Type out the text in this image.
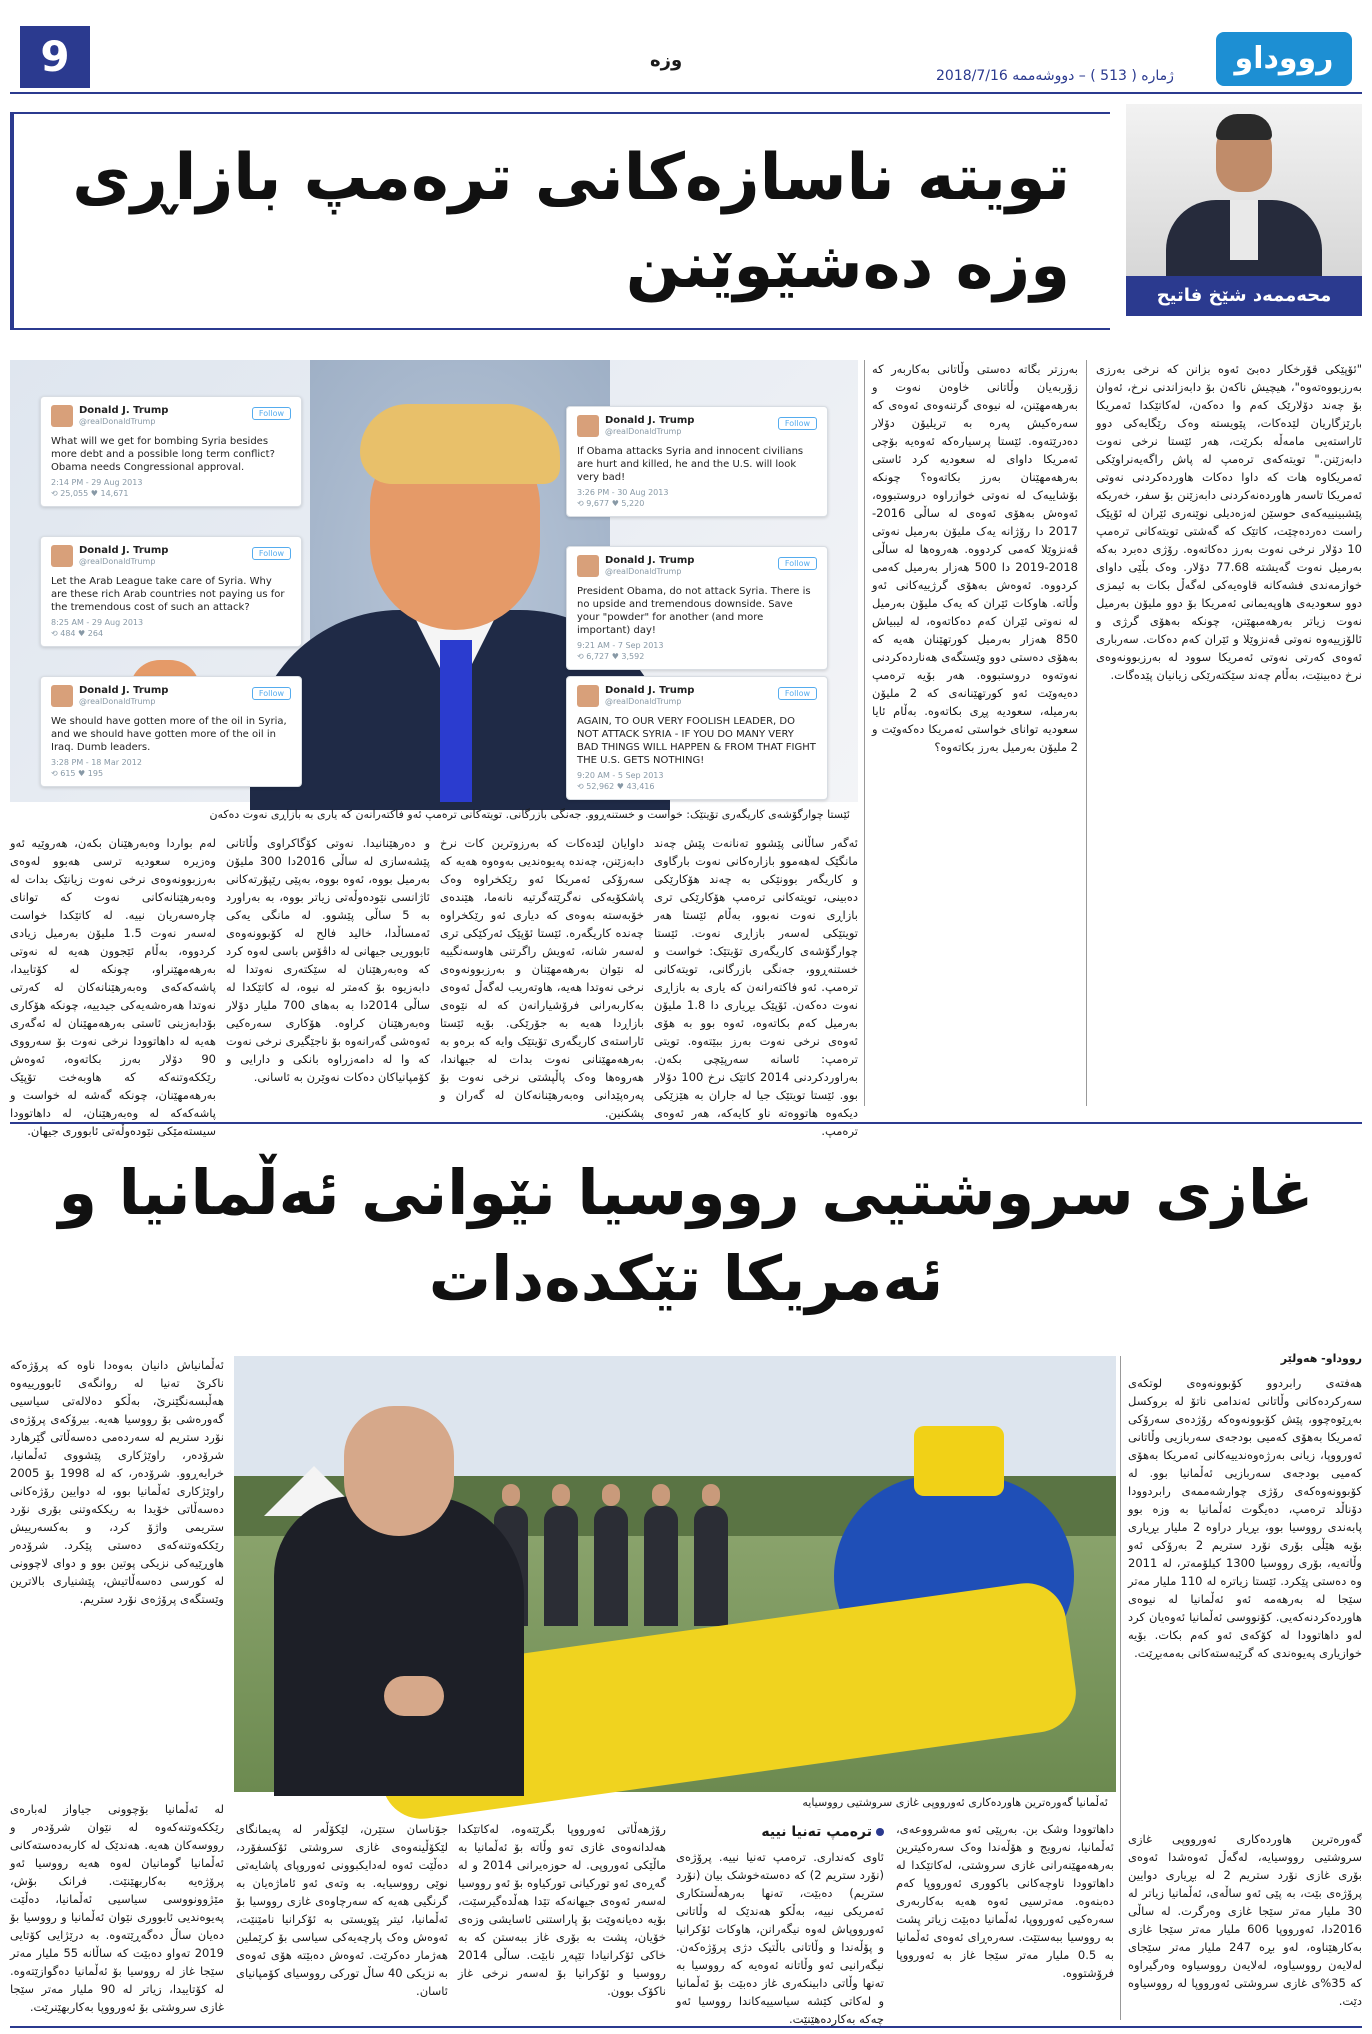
9	وزە
ژمارە ( 513 ) – دووشەممە 2018/7/16	رووداو
تویتە ناسازەکانی ترەمپ بازاڕی
وزە دەشێوێنن	محەممەد شێخ فاتیح
Donald J. Trump
@realDonaldTrump
Follow
What will we get for bombing Syria besides more debt and a possible long term conflict? Obama needs Congressional approval.
2:14 PM - 29 Aug 2013
⟲ 25,055 ♥ 14,671
Donald J. Trump
@realDonaldTrump
Follow
If Obama attacks Syria and innocent civilians are hurt and killed, he and the U.S. will look very bad!
3:26 PM - 30 Aug 2013
⟲ 9,677 ♥ 5,220
Donald J. Trump
@realDonaldTrump
Follow
Let the Arab League take care of Syria. Why are these rich Arab countries not paying us for the tremendous cost of such an attack?
8:25 AM - 29 Aug 2013
⟲ 484 ♥ 264
Donald J. Trump
@realDonaldTrump
Follow
President Obama, do not attack Syria. There is no upside and tremendous downside. Save your "powder" for another (and more important) day!
9:21 AM - 7 Sep 2013
⟲ 6,727 ♥ 3,592
Donald J. Trump
@realDonaldTrump
Follow
We should have gotten more of the oil in Syria, and we should have gotten more of the oil in Iraq. Dumb leaders.
3:28 PM - 18 Mar 2012
⟲ 615 ♥ 195
Donald J. Trump
@realDonaldTrump
Follow
AGAIN, TO OUR VERY FOOLISH LEADER, DO NOT ATTACK SYRIA - IF YOU DO MANY VERY BAD THINGS WILL HAPPEN & FROM THAT FIGHT THE U.S. GETS NOTHING!
9:20 AM - 5 Sep 2013
⟲ 52,962 ♥ 43,416
ئێستا چوارگۆشەی کاریگەری تۆیتێک: خواست و خستنەڕوو. جەنگی بازرگانی. تویتەکانی ترەمپ ئەو فاکتەرانەن کە یاری بە بازاڕی نەوت دەکەن
"ئۆپێکی قۆرخکار دەبێ ئەوە بزانن کە نرخی بەرزی بەرزبووەتەوە"، هیچیش ناکەن بۆ دابەزاندنی نرخ، ئەوان بۆ چەند دۆلارێک کەم وا دەکەن، لەکاتێکدا ئەمریکا بارێزگاریان لێدەکات، پێویستە وەک رێگایەکی دوو ئاراستەیی مامەڵە بکرێت، هەر ئێستا نرخی نەوت دابەزێنن." تویتەکەی ترەمپ لە پاش راگەیەنراوێکی ئەمریکاوە هات کە داوا دەکات هاوردەکردنی نەوتی ئەمریکا تاسەر هاوردەنەکردنی دابەزێنن بۆ سفر، خەریکە پێشبینییەکەی حوسێن لەزەدیلی نوێنەری ئێران لە ئۆپێک راست دەردەچێت، کاتێک کە گەشتی تویتەکانی ترەمپ 10 دۆلار نرخی نەوت بەرز دەکاتەوە. رۆژی دەبرد بەکە بەرمیل نەوت گەیشتە 77.68 دۆلار. وەک بڵێی داوای خوازمەندی فشەکانە قاوەیەکی لەگەڵ بکات بە ئیمزی دوو سعودیەی هاوپەیمانی ئەمریکا بۆ دوو ملیۆن بەرمیل نەوت زیاتر بەرهەمبهێنن، چونکە بەهۆی گرژی و ئالۆزییەوە نەوتی ڤەنزوێلا و ئێران کەم دەکات. سەرباری ئەوەی کەرتی نەوتی ئەمریکا سوود لە بەرزبوونەوەی نرخ دەبینێت، بەڵام چەند سێکتەرێکی زیانیان پێدەگات.
بەرزتر بگاتە دەستی وڵاتانی بەکاربەر کە زۆربەیان وڵاتانی خاوەن نەوت و بەرهەمهێنن، لە نیوەی گرتنەوەی ئەوەی کە سەرەکیش پەرە بە تریلیۆن دۆلار دەدرێتەوە. ئێستا پرسیارەکە ئەوەیە بۆچی ئەمریکا داوای لە سعودیە کرد ئاستی بەرهەمهێنان بەرز بکاتەوە؟ چونکە بۆشاییەک لە نەوتی خوازراوە دروستبووە، ئەوەش بەهۆی ئەوەی لە ساڵی 2016-2017 دا رۆژانە یەک ملیۆن بەرمیل نەوتی ڤەنزوێلا کەمی کردووە. هەروەها لە ساڵی 2018-2019 دا 500 هەزار بەرمیل کەمی کردووە. ئەوەش بەهۆی گرژییەکانی ئەو وڵاتە. هاوکات ئێران کە یەک ملیۆن بەرمیل لە نەوتی ئێران کەم دەکاتەوە، لە لیبیاش 850 هەزار بەرمیل کورتهێنان هەیە کە بەهۆی دەستی دوو وێستگەی هەناردەکردنی نەوتەوە دروستبووە. هەر بۆیە ترەمپ دەیەوێت ئەو کورتهێنانەی کە 2 ملیۆن بەرمیلە، سعودیە پڕی بکاتەوە. بەڵام ئایا سعودیە توانای خواستی ئەمریکا دەکەوێت و 2 ملیۆن بەرمیل بەرز بکاتەوە؟
ئەگەر ساڵانی پێشوو تەنانەت پێش چەند مانگێک لەهەموو بازارەکانی نەوت بارگاوی و کاریگەر بوونێکی بە چەند هۆکارێکی دەبینی، تویتەکانی ترەمپ هۆکارێکی تری بازاڕی نەوت نەبوو، بەڵام ئێستا هەر تویتێکی لەسەر بازاڕی نەوت. ئێستا چوارگۆشەی کاریگەری تۆیتێک: خواست و خستنەڕوو، جەنگی بازرگانی، تویتەکانی ترەمپ. ئەو فاکتەرانەن کە یاری بە بازاڕی نەوت دەکەن. ئۆپێک بڕیاری دا 1.8 ملیۆن بەرمیل کەم بکاتەوە، ئەوە بوو بە هۆی ئەوەی نرخی نەوت بەرز ببێتەوە. تویتی ترەمپ: ئاسانە سەرپێچی بکەن. بەراوردکردنی 2014 کاتێک نرخ 100 دۆلار بوو. ئێستا تویتێک جیا لە جاران بە هێزێکی دیکەوە هاتووەتە ناو کایەکە، هەر ئەوەی ترەمپ.
داوایان لێدەکات کە بەرزوترین کات نرخ دابەزێنن، چەندە پەیوەندیی بەوەوە هەیە کە سەرۆکی ئەمریکا ئەو رێکخراوە وەک پاشکۆیەکی نەگرێتەگرتیە نانەما، هێندەی خۆبەستە بەوەی کە دیاری ئەو رێکخراوە چەندە کاریگەرە. ئێستا ئۆپێک ئەرکێکی تری لەسەر شانە، ئەویش راگرتنی هاوسەنگییە لە نێوان بەرهەمهێنان و بەرزبوونەوەی نرخی نەوتدا هەیە، هاوتەریب لەگەڵ ئەوەی بەکاربەرانی فرۆشیارانەن کە لە نێوەی بازاڕدا هەیە بە جۆرێکی. بۆیە ئێستا ئاراستەی کاریگەری تۆیتێک وایە کە برەو بە بەرهەمهێنانی نەوت بدات لە جیهاندا، هەروەها وەک پاڵپشتی نرخی نەوت بۆ پەرەپێدانی وەبەرهێنانەکان لە گەران و پشکنین.
و دەرهێنانیدا. نەوتی کۆگاکراوی وڵاتانی پێشەسازی لە ساڵی 2016دا 300 ملیۆن بەرمیل بووە، ئەوە بووە، بەپێی رێپۆرتەکانی ئاژانسی نێودەوڵەتی زیاتر بووە، بە بەراورد بە 5 ساڵی پێشوو. لە مانگی یەکی ئەمساڵدا، خالید فالح لە کۆبوونەوەی ئابووریی جیهانی لە داڤۆس باسی لەوە کرد کە وەبەرهێنان لە سێکتەری نەوتدا لە دابەزیوە بۆ کەمتر لە نیوە، لە کاتێکدا لە ساڵی 2014دا بە بەهای 700 ملیار دۆلار وەبەرهێنان کراوە. هۆکاری سەرەکیی ئەوەشی گەرانەوە بۆ ناجێگیری نرخی نەوت کە وا لە دامەزراوە بانکی و دارایی و کۆمپانیاکان دەکات نەوێرن بە ئاسانی.
لەم بواردا وەبەرهێنان بکەن، هەروێیە ئەو وەزیرە سعودیە ترسی هەبوو لەوەی بەرزبوونەوەی نرخی نەوت زیانێک بدات لە وەبەرهێنانەکانی نەوت کە توانای چارەسەریان نییە. لە کاتێکدا خواست لەسەر نەوت 1.5 ملیۆن بەرمیل زیادی کردووە، بەڵام ئێجوون هەیە لە نەوتی بەرهەمهێنراو، چونکە لە کۆتاییدا، پاشەکەکەی وەبەرهێنانەکان لە کەرتی نەوتدا هەرەشەیەکی جیدییە، چونکە هۆکاری بۆدابەزینی ئاستی بەرهەمهێنان لە ئەگەری هەیە لە داهاتوودا نرخی نەوت بۆ سەرووی 90 دۆلار بەرز بکاتەوە، ئەوەش رێککەوتنەکە کە هاوبەخت تۆپێک بەرهەمهێنان، چونکە گەشە لە خواست و پاشەکەکە لە وەبەرهێنان، لە داهاتوودا سیستەمێکی نێودەوڵەتی ئابووری جیهان.
غازی سروشتیی رووسیا نێوانی ئەڵمانیا و
ئەمریکا تێکدەدات
رووداو- هەولێر
ئەڵمانیا گەورەترین هاوردەکاری ئەورووپی غازی سروشتیی رووسیایە
هەفتەی رابردوو کۆبوونەوەی لوتکەی سەرکردەکانی وڵاتانی ئەندامی ناتۆ لە بروکسل بەڕێوەچوو، پێش کۆبوونەوەکە رۆژدەی سەرۆکی ئەمریکا بەهۆی کەمیی بودجەی سەربازیی وڵاتانی ئەورووپا، زیانی بەرژەوەندییەکانی ئەمریکا بەهۆی کەمیی بودجەی سەربازیی ئەڵمانیا بوو. لە کۆبوونەوەکەی رۆژی چوارشەممەی رابردوودا دۆناڵد ترەمپ، دەیگوت ئەڵمانیا بە وزە بوو پابەندی رووسیا بوو، بڕیار دراوە 2 ملیار بڕیاری بۆیە هێڵی بۆری نۆرد ستریم 2 بەرۆکی ئەو وڵاتەیە، بۆری رووسیا 1300 کیلۆمەتر، لە 2011 وە دەستی پێکرد. ئێستا زیاترە لە 110 ملیار مەتر سێجا لە بەرهەمە ئەو ئەڵمانیا لە نیوەی هاوردەکردنەکەیی. کۆنووسی ئەڵمانیا ئەوەیان کرد لەو داهاتوودا لە کۆکەی ئەو کەم بکات. بۆیە خوازیاری پەیوەندی کە گرێبەستەکانی بەمەبڕێت.
گەورەترین هاوردەکاری ئەورووپی غازی سروشتیی رووسیایە، لەگەڵ ئەوەشدا ئەوەی بۆری غازی نۆرد ستریم 2 لە بڕیاری دوایین پرۆژەی بێت، بە پێی ئەو ساڵەی، ئەڵمانیا زیاتر لە 30 ملیار مەتر سێجا غازی وەرگرت. لە ساڵی 2016دا، ئەورووپا 606 ملیار مەتر سێجا غازی بەکارهێناوە، لەو بڕە 247 ملیار مەتر سێجای لەلایەن رووسیاوە، لەلایەن رووسیاوە وەرگیراوە کە 35%ی غازی سروشتی ئەورووپا لە رووسیاوە دێت.
ئەڵمانیاش دانیان بەوەدا ناوە کە پرۆژەکە ناکرێ تەنیا لە روانگەی ئابوورییەوە هەڵبسەنگێنرێ، بەڵکو دەلالەتی سیاسیی گەورەشی بۆ رووسیا هەیە. بیرۆکەی پرۆژەی نۆرد ستریم لە سەردەمی دەسەڵاتی گێرهارد شرۆدەر، راوێژکاری پێشووی ئەڵمانیا، خرایەڕوو. شرۆدەر، کە لە 1998 بۆ 2005 راوێژکاری ئەڵمانیا بوو، لە دوایین رۆژەکانی دەسەڵاتی خۆیدا بە ریککەوتنی بۆری نۆرد ستریمی واژۆ کرد، و بەکسەرییش رێککەوتنەکەی دەستی پێکرد. شرۆدەر هاوڕێیەکی نزیکی پوتین بوو و دوای لاچوونی لە کورسی دەسەڵاتیش، پێشنیاری بالاترین وێستگەی پرۆژەی نۆرد ستریم.
لە ئەڵمانیا بۆچوونی جیاواز لەبارەی رێککەوتنەکەوە لە نێوان شرۆدەر و رووسەکان هەیە. هەندێک لە کاربەدەستەکانی ئەڵمانیا گومانیان لەوە هەیە رووسیا ئەو پرۆژەیە بەکاربهێنێت. فرانک بۆش، مێژوونووسی سیاسیی ئەڵمانیا، دەڵێت پەیوەندیی ئابووری نێوان ئەڵمانیا و رووسیا بۆ دەیان ساڵ دەگەڕێتەوە. بە درێژایی کۆتایی 2019 تەواو دەبێت کە ساڵانە 55 ملیار مەتر سێجا غاز لە رووسیا بۆ ئەڵمانیا دەگوازێتەوە. لە کۆتاییدا، زیاتر لە 90 ملیار مەتر سێجا غازی سروشتی بۆ ئەورووپا بەکاربهێنرێت.
ترەمپ تەنیا نییە	داهاتوودا وشک بن. بەرپێی ئەو مەشرووعەی، ئەڵمانیا، نەرویج و هۆڵەندا وەک سەرەکیترین بەرهەمهێنەرانی غازی سروشتی، لەکاتێکدا لە داهاتوودا ناوچەکانی باکووری ئەورووپا کەم دەبنەوە. مەترسیی ئەوە هەیە بەکاربەری سەرەکیی ئەورووپا، ئەڵمانیا دەبێت زیاتر پشت بە رووسیا ببەستێت. سەرەڕای ئەوەی ئەڵمانیا بە 0.5 ملیار مەتر سێجا غاز بە ئەورووپا فرۆشتووە.
ئاوی کەنداری. ترەمپ تەنیا نییە. پرۆژەی (نۆرد ستریم 2) کە دەستەخوشک بیان (نۆرد ستریم) دەبێت، تەنها بەرهەڵستکاری ئەمریکی نییە، بەڵکو هەندێک لە وڵاتانی ئەورووپاش لەوە نیگەرانن، هاوکات ئۆکرانیا و پۆڵەندا و وڵاتانی باڵتیک دژی پرۆژەکەن. نیگەرانیی ئەو وڵاتانە ئەوەیە کە رووسیا بە تەنها وڵاتی دابینکەری غاز دەبێت بۆ ئەڵمانیا و لەکاتی کێشە سیاسییەکاندا رووسیا ئەو چەکە بەکاردەهێنێت.
رۆژهەڵاتی ئەورووپا بگرێتەوە، لەکاتێکدا هەلدانەوەی غازی تەو وڵاتە بۆ ئەڵمانیا بە ماڵێکی ئەوروپی. لە حوزەیرانی 2014 و لە گەڕەی ئەو تورکیانی تورکیاوە بۆ ئەو رووسیا لەسەر ئەوەی جیهانەکە تێدا هەڵدەگیرسێت، بۆیە دەیانەوێت بۆ پاراستنی ئاسایشی وزەی خۆیان، پشت بە بۆری غاز ببەستن کە بە خاکی ئۆکرانیادا تێپەڕ نابێت. ساڵی 2014 رووسیا و ئۆکرانیا بۆ لەسەر نرخی غاز ناکۆک بوون.
جۆناسان ستێرن، لێکۆڵەر لە پەیمانگای لێکۆڵینەوەی غازی سروشتی ئۆکسفۆرد، دەڵێت ئەوە لەدایکبوونی ئەوروپای پاشایەتی نوێی رووسیایە. بە وتەی ئەو ئاماژەیان بە گرنگیی هەیە کە سەرچاوەی غازی رووسیا بۆ ئەڵمانیا، ئیتر پێویستی بە ئۆکرانیا نامێنێت، ئەوەش وەک پارچەیەکی سیاسی بۆ کرێملین هەژمار دەکرێت. ئەوەش دەبێتە هۆی ئەوەی بە نزیکی 40 ساڵ تورکی رووسیای کۆمپانیای ئاسان.
